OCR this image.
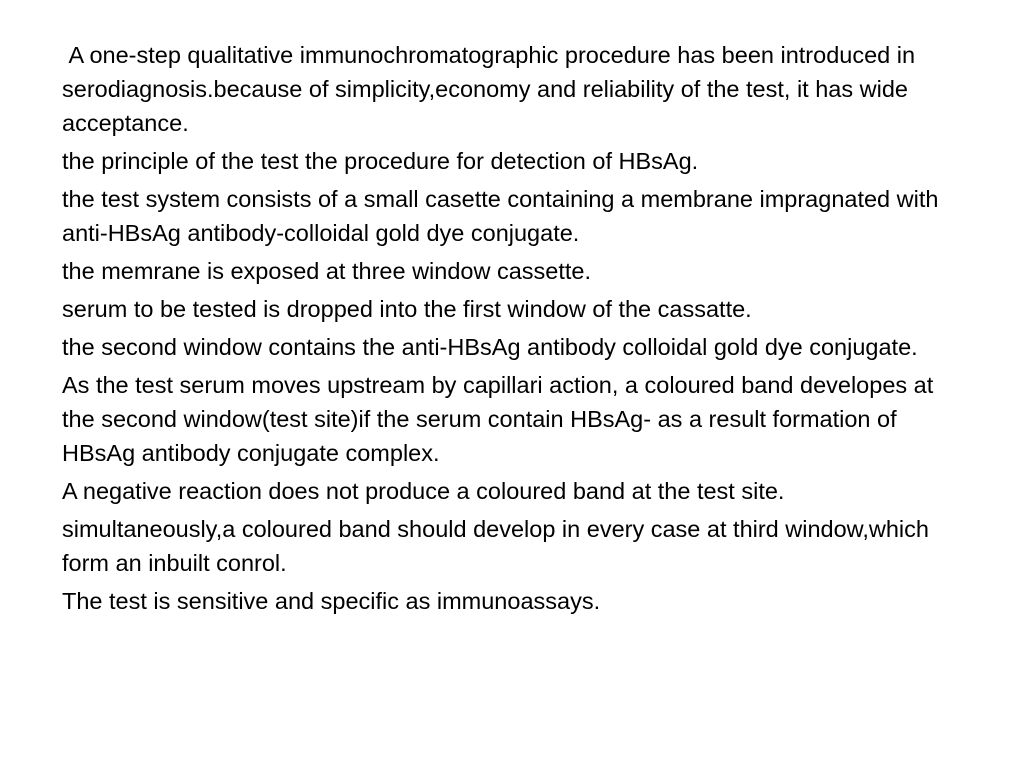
A one-step qualitative immunochromatographic procedure has been introduced in serodiagnosis.because of simplicity,economy and reliability of the test, it has wide acceptance.

the principle of the test the procedure for detection of HBsAg.

the test system consists of a small casette containing a membrane impragnated with anti-HBsAg antibody-colloidal gold dye conjugate.

the memrane is exposed at three window cassette.

serum to be tested is dropped into the first window of the cassatte.

the second window contains the anti-HBsAg antibody colloidal gold dye conjugate.

As the test serum moves upstream by capillari action, a coloured band developes at the second window(test site)if the serum contain HBsAg- as a result formation of HBsAg antibody conjugate complex.

A negative reaction does not produce a coloured band at the test site.

simultaneously,a coloured band should develop in every case at third window,which form an inbuilt conrol.

The test is sensitive and specific as immunoassays.
